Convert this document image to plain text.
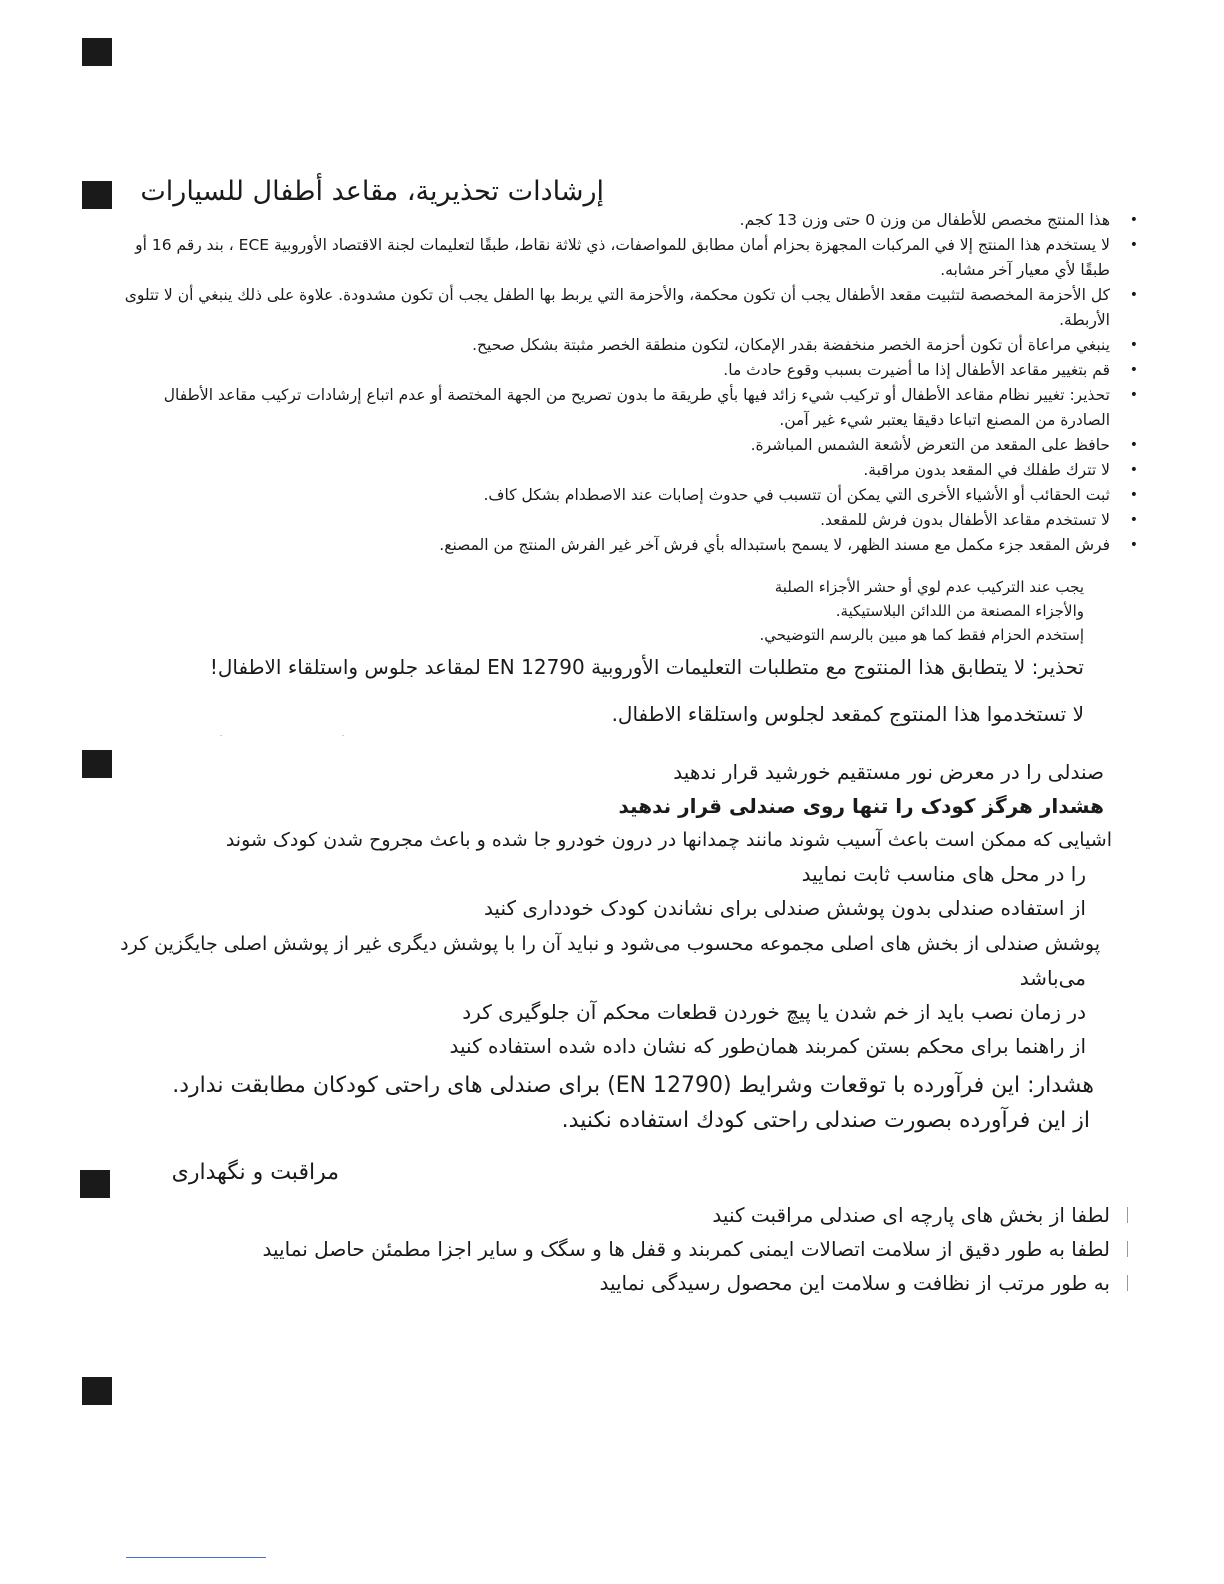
إرشادات تحذيرية، مقاعد أطفال للسيارات
• هذا المنتج مخصص للأطفال من وزن 0 حتى وزن 13 كجم.
• لا يستخدم هذا المنتج إلا في المركبات المجهزة بحزام أمان مطابق للمواصفات، ذي ثلاثة نقاط، طبقًا لتعليمات لجنة الاقتصاد الأوروبية ECE ، بند رقم 16 أو طبقًا لأي معيار آخر مشابه.
• كل الأحزمة المخصصة لتثبيت مقعد الأطفال يجب أن تكون محكمة، والأحزمة التي يربط بها الطفل يجب أن تكون مشدودة. علاوة على ذلك ينبغي أن لا تتلوى الأربطة.
• ينبغي مراعاة أن تكون أحزمة الخصر منخفضة بقدر الإمكان، لتكون منطقة الخصر مثبتة بشكل صحيح.
• قم بتغيير مقاعد الأطفال إذا ما أضيرت بسبب وقوع حادث ما.
• تحذير: تغيير نظام مقاعد الأطفال أو تركيب شيء زائد فيها بأي طريقة ما بدون تصريح من الجهة المختصة أو عدم اتباع إرشادات تركيب مقاعد الأطفال الصادرة من المصنع اتباعا دقيقا يعتبر شيء غير آمن.
• حافظ على المقعد من التعرض لأشعة الشمس المباشرة.
• لا تترك طفلك في المقعد بدون مراقبة.
• ثبت الحقائب أو الأشياء الأخرى التي يمكن أن تتسبب في حدوث إصابات عند الاصطدام بشكل كاف.
• لا تستخدم مقاعد الأطفال بدون فرش للمقعد.
• فرش المقعد جزء مكمل مع مسند الظهر، لا يسمح باستبداله بأي فرش آخر غير الفرش المنتج من المصنع.
يجب عند التركيب عدم لوي أو حشر الأجزاء الصلبة
والأجزاء المصنعة من اللدائن البلاستيكية.
إستخدم الحزام فقط كما هو مبين بالرسم التوضيحي.
تحذير: لا يتطابق هذا المنتوج مع متطلبات التعليمات الأوروبية EN 12790 لمقاعد جلوس واستلقاء الاطفال!
لا تستخدموا هذا المنتوج كمقعد لجلوس واستلقاء الاطفال.
صندلی را در معرض نور مستقیم خورشید قرار ندهید
هشدار هرگز کودک را تنها روی صندلی قرار ندهید
اشیایی که ممکن است باعث آسیب شوند مانند چمدانها در درون خودرو جا شده و باعث مجروح شدن کودک شوند
را در محل های مناسب ثابت نمایید
از استفاده صندلی بدون پوشش صندلی برای نشاندن کودک خودداری کنید
پوشش صندلی از بخش های اصلی مجموعه محسوب می‌شود و نباید آن را با پوشش دیگری غیر از پوشش اصلی جایگزین کرد
می‌باشد
در زمان نصب باید از خم شدن یا پیچ خوردن قطعات محکم آن جلوگیری کرد
از راهنما برای محکم بستن کمربند همان‌طور که نشان داده شده استفاده کنید
هشدار: این فرآورده با توقعات وشرایط (EN 12790) برای صندلی های راحتی کودکان مطابقت ندارد.
از این فرآورده بصورت صندلی راحتی کودك استفاده نکنید.
مراقبت و نگهداری
لطفا از بخش های پارچه ای صندلی مراقبت کنید
لطفا به طور دقیق از سلامت اتصالات ایمنی کمربند و قفل ها و سگک و سایر اجزا مطمئن حاصل نمایید
به طور مرتب از نظافت و سلامت این محصول رسیدگی نمایید
